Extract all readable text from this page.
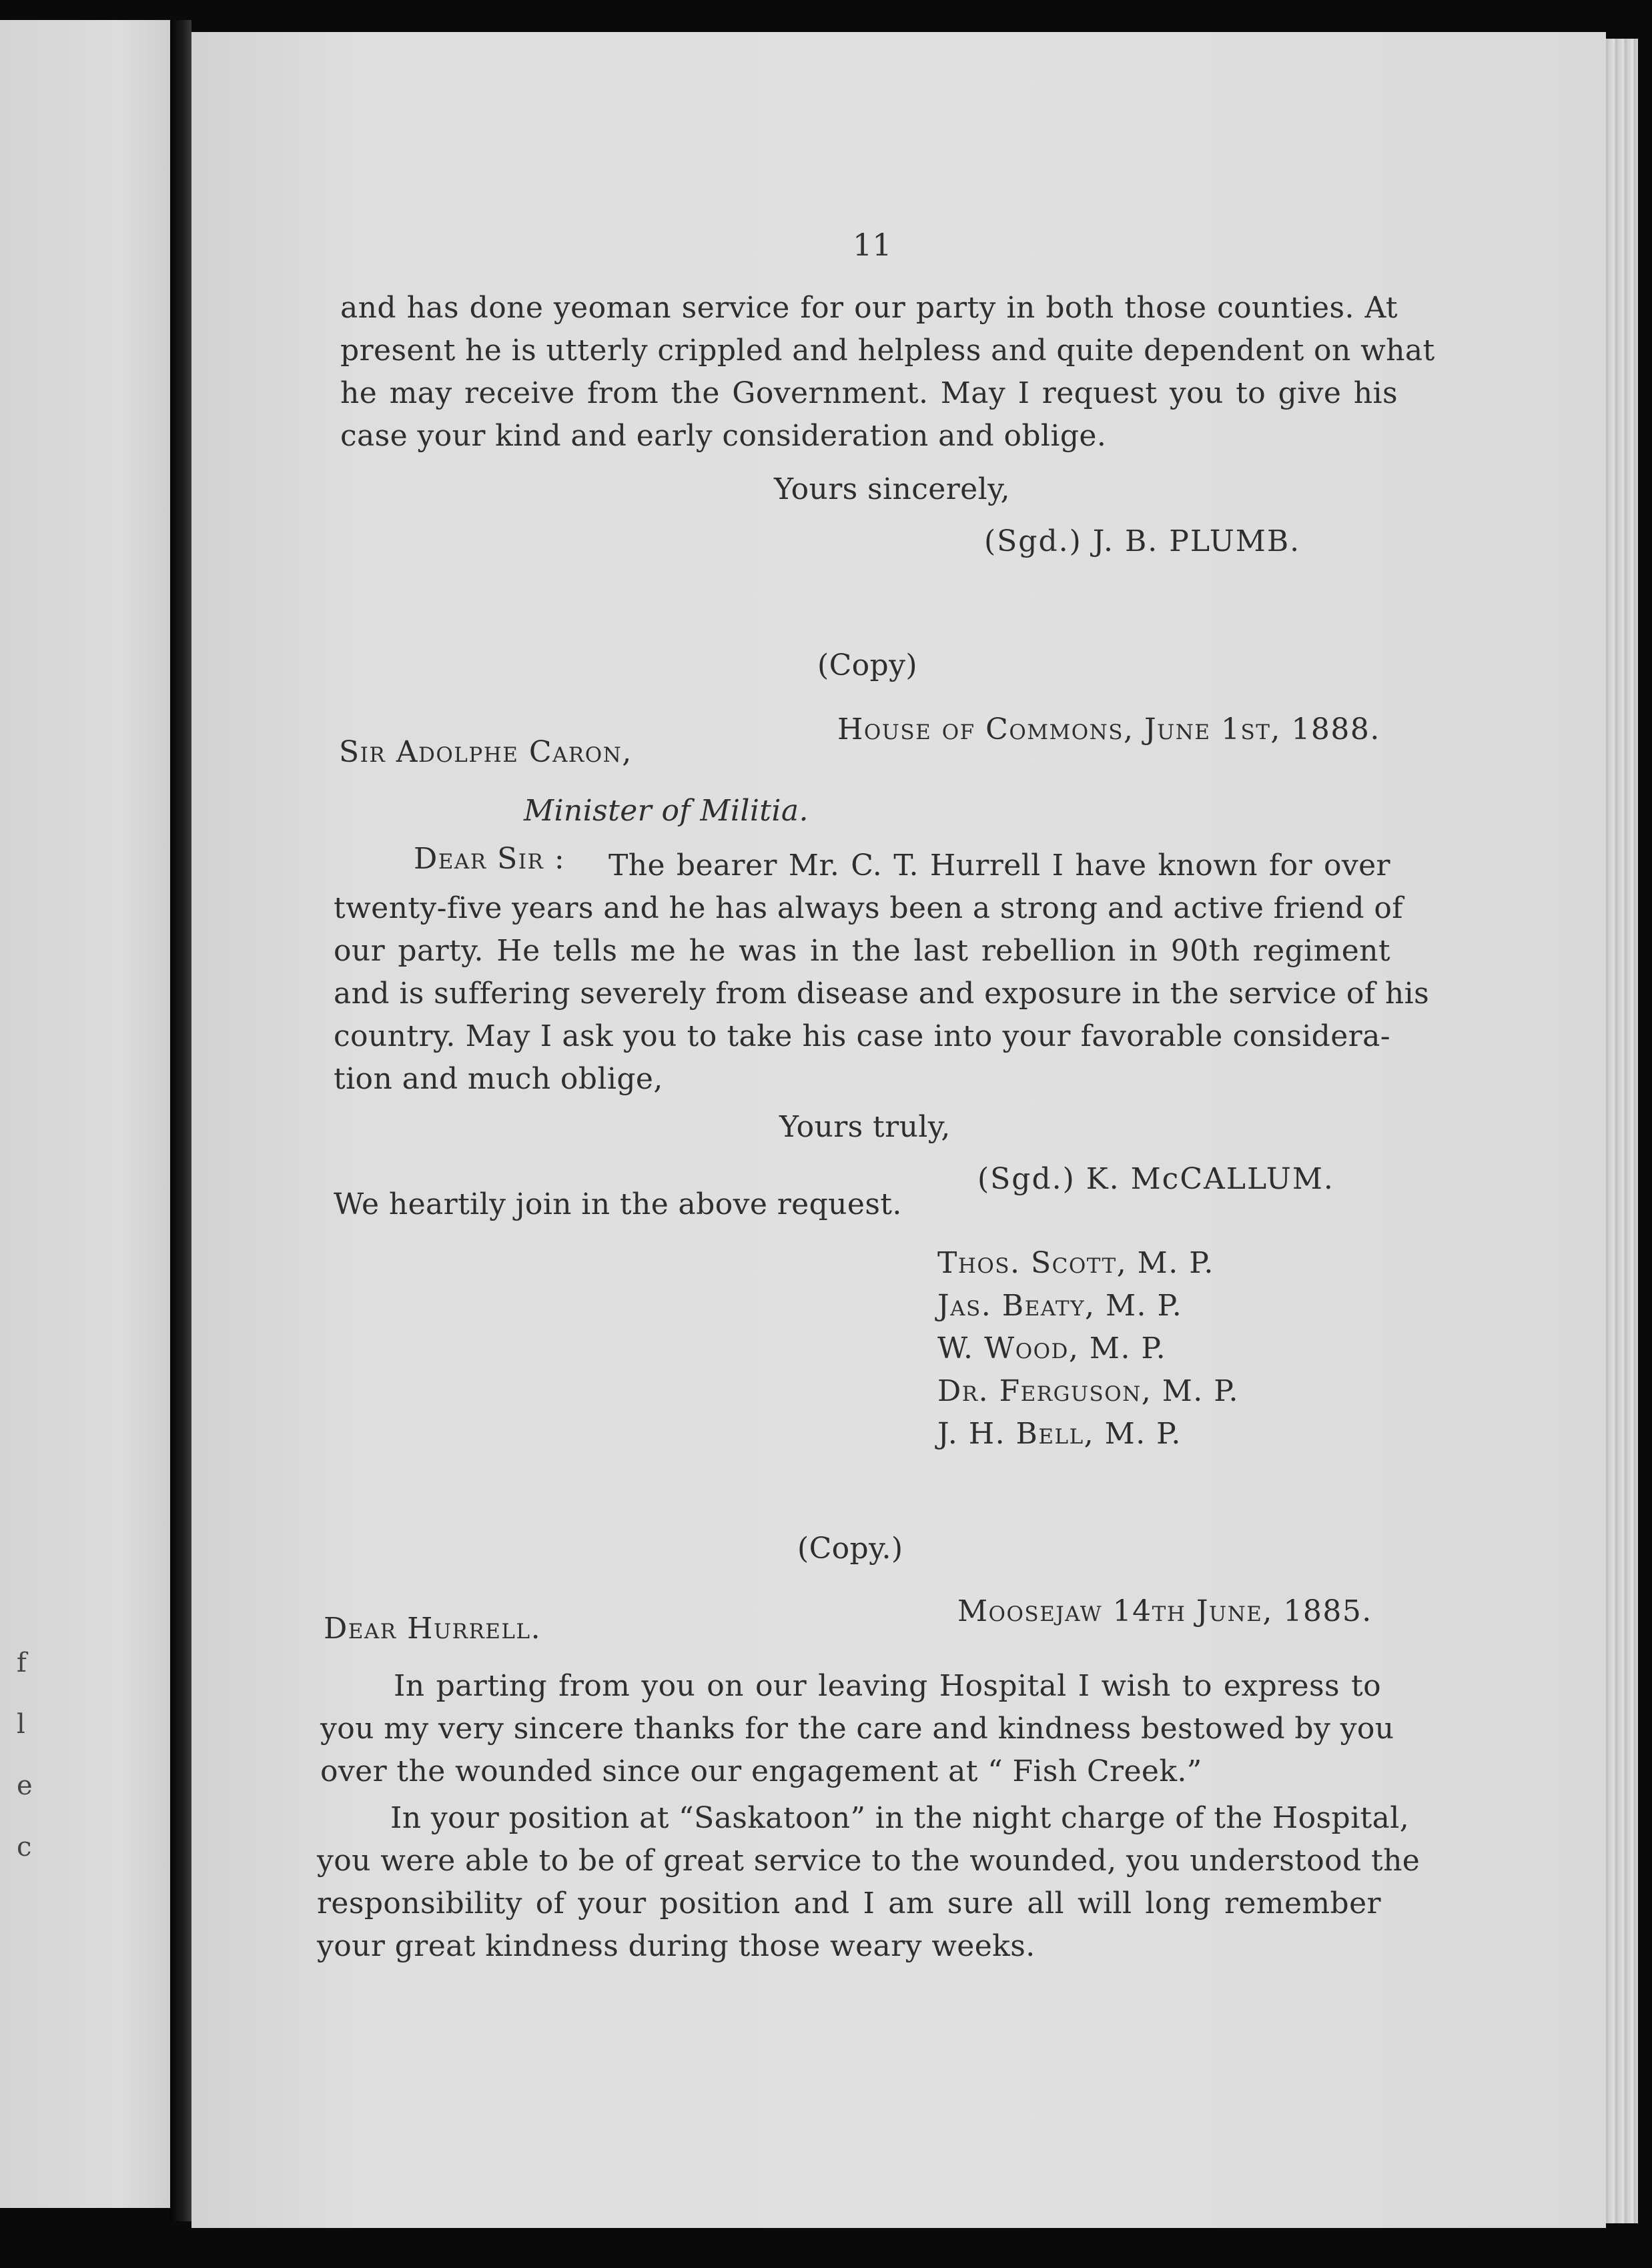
f
l
e
c
11
and has done yeoman service for our party in both those counties. At
present he is utterly crippled and helpless and quite dependent on what
he may receive from the Government. May I request you to give his
case your kind and early consideration and oblige.
Yours sincerely,
(Sgd.) J. B. PLUMB.
(Copy)
House of Commons, June 1st, 1888.
Sir Adolphe Caron,
Minister of Militia.
Dear Sir : The bearer Mr. C. T. Hurrell I have known for over
twenty-five years and he has always been a strong and active friend of
our party. He tells me he was in the last rebellion in 90th regiment
and is suffering severely from disease and exposure in the service of his
country. May I ask you to take his case into your favorable considera-
tion and much oblige,
Yours truly,
(Sgd.) K. McCALLUM.
We heartily join in the above request.
Thos. Scott, M. P.
Jas. Beaty, M. P.
W. Wood, M. P.
Dr. Ferguson, M. P.
J. H. Bell, M. P.
(Copy.)
Moosejaw 14th June, 1885.
Dear Hurrell.
In parting from you on our leaving Hospital I wish to express to
you my very sincere thanks for the care and kindness bestowed by you
over the wounded since our engagement at “ Fish Creek.”
In your position at “Saskatoon” in the night charge of the Hospital,
you were able to be of great service to the wounded, you understood the
responsibility of your position and I am sure all will long remember
your great kindness during those weary weeks.
